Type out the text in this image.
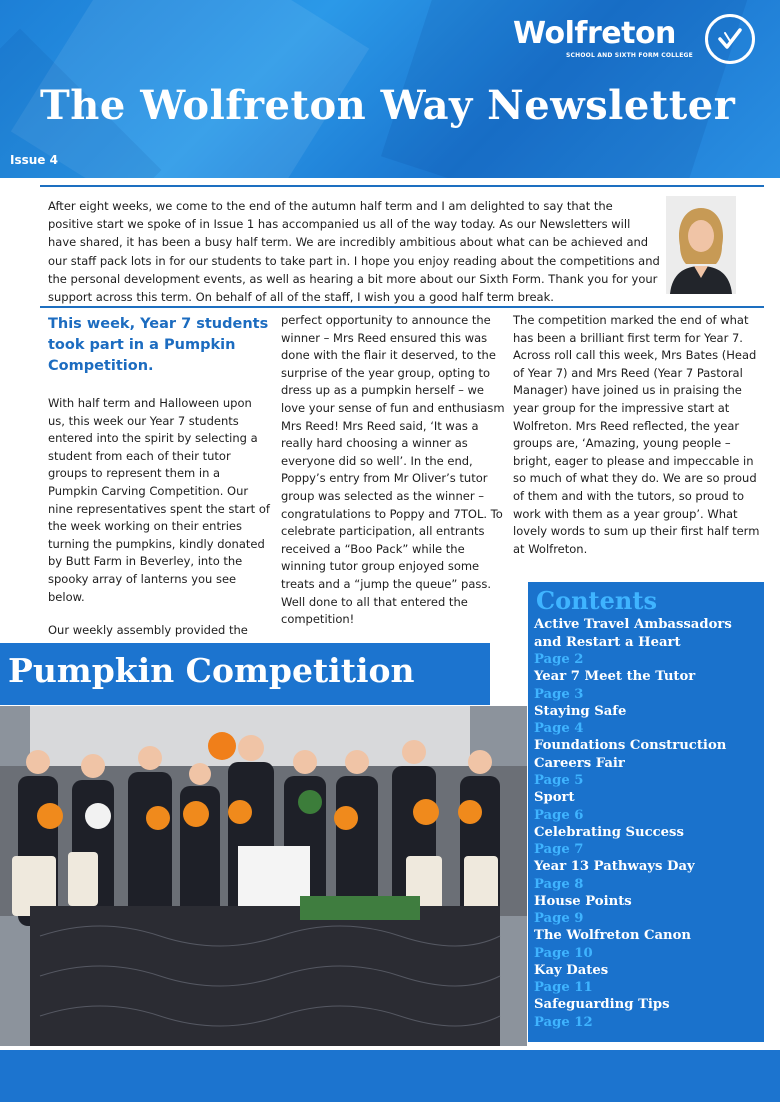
Wolfreton
SCHOOL AND SIXTH FORM COLLEGE
The Wolfreton Way Newsletter
Issue 4
After eight weeks, we come to the end of the autumn half term and I am delighted to say that the positive start we spoke of in Issue 1 has accompanied us all of the way today. As our Newsletters will have shared, it has been a busy half term. We are incredibly ambitious about what can be achieved and our staff pack lots in for our students to take part in. I hope you enjoy reading about the competitions and the personal development events, as well as hearing a bit more about our Sixth Form. Thank you for your support across this term. On behalf of all of the staff, I wish you a good half term break.
This week, Year 7 students took part in a Pumpkin Competition.

With half term and Halloween upon us, this week our Year 7 students entered into the spirit by selecting a student from each of their tutor groups to represent them in a Pumpkin Carving Competition. Our nine representatives spent the start of the week working on their entries turning the pumpkins, kindly donated by Butt Farm in Beverley, into the spooky array of lanterns you see below.

Our weekly assembly provided the

perfect opportunity to announce the winner – Mrs Reed ensured this was done with the flair it deserved, to the surprise of the year group, opting to dress up as a pumpkin herself – we love your sense of fun and enthusiasm Mrs Reed! Mrs Reed said, ‘It was a really hard choosing a winner as everyone did so well’. In the end, Poppy’s entry from Mr Oliver’s tutor group was selected as the winner – congratulations to Poppy and 7TOL. To celebrate participation, all entrants received a “Boo Pack” while the winning tutor group enjoyed some treats and a “jump the queue” pass. Well done to all that entered the competition!

The competition marked the end of what has been a brilliant first term for Year 7. Across roll call this week, Mrs Bates (Head of Year 7) and Mrs Reed (Year 7 Pastoral Manager) have joined us in praising the year group for the impressive start at Wolfreton. Mrs Reed reflected, the year groups are, ‘Amazing, young people – bright, eager to please and impeccable in so much of what they do. We are so proud of them and with the tutors, so proud to work with them as a year group’. What lovely words to sum up their first half term at Wolfreton.

Pumpkin Competition
Contents
Active Travel Ambassadors and Restart a Heart
Page 2
Year 7 Meet the Tutor
Page 3
Staying Safe
Page 4
Foundations Construction Careers Fair
Page 5
Sport
Page 6
Celebrating Success
Page 7
Year 13 Pathways Day
Page 8
House Points
Page 9
The Wolfreton Canon
Page 10
Kay Dates
Page 11
Safeguarding Tips
Page 12
